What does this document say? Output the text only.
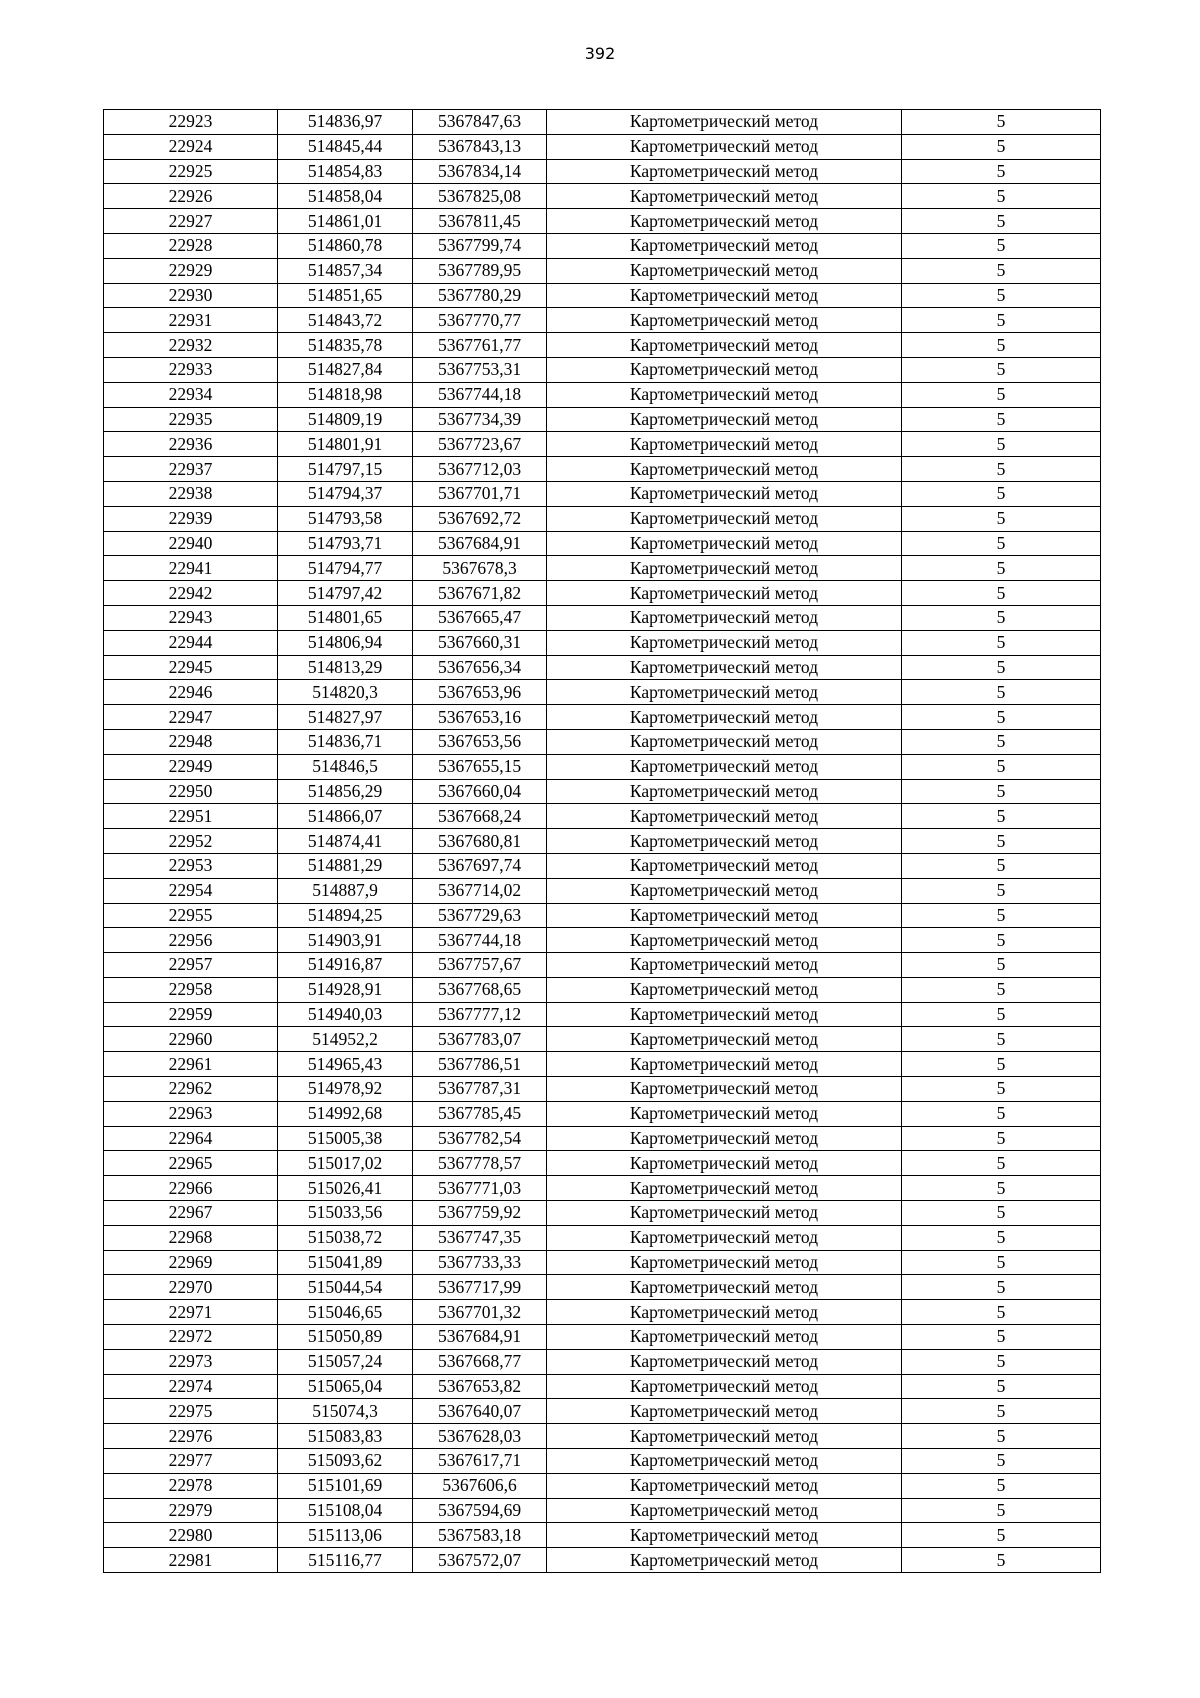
392
22923	514836,97	5367847,63	Картометрический метод	5
22924	514845,44	5367843,13	Картометрический метод	5
22925	514854,83	5367834,14	Картометрический метод	5
22926	514858,04	5367825,08	Картометрический метод	5
22927	514861,01	5367811,45	Картометрический метод	5
22928	514860,78	5367799,74	Картометрический метод	5
22929	514857,34	5367789,95	Картометрический метод	5
22930	514851,65	5367780,29	Картометрический метод	5
22931	514843,72	5367770,77	Картометрический метод	5
22932	514835,78	5367761,77	Картометрический метод	5
22933	514827,84	5367753,31	Картометрический метод	5
22934	514818,98	5367744,18	Картометрический метод	5
22935	514809,19	5367734,39	Картометрический метод	5
22936	514801,91	5367723,67	Картометрический метод	5
22937	514797,15	5367712,03	Картометрический метод	5
22938	514794,37	5367701,71	Картометрический метод	5
22939	514793,58	5367692,72	Картометрический метод	5
22940	514793,71	5367684,91	Картометрический метод	5
22941	514794,77	5367678,3	Картометрический метод	5
22942	514797,42	5367671,82	Картометрический метод	5
22943	514801,65	5367665,47	Картометрический метод	5
22944	514806,94	5367660,31	Картометрический метод	5
22945	514813,29	5367656,34	Картометрический метод	5
22946	514820,3	5367653,96	Картометрический метод	5
22947	514827,97	5367653,16	Картометрический метод	5
22948	514836,71	5367653,56	Картометрический метод	5
22949	514846,5	5367655,15	Картометрический метод	5
22950	514856,29	5367660,04	Картометрический метод	5
22951	514866,07	5367668,24	Картометрический метод	5
22952	514874,41	5367680,81	Картометрический метод	5
22953	514881,29	5367697,74	Картометрический метод	5
22954	514887,9	5367714,02	Картометрический метод	5
22955	514894,25	5367729,63	Картометрический метод	5
22956	514903,91	5367744,18	Картометрический метод	5
22957	514916,87	5367757,67	Картометрический метод	5
22958	514928,91	5367768,65	Картометрический метод	5
22959	514940,03	5367777,12	Картометрический метод	5
22960	514952,2	5367783,07	Картометрический метод	5
22961	514965,43	5367786,51	Картометрический метод	5
22962	514978,92	5367787,31	Картометрический метод	5
22963	514992,68	5367785,45	Картометрический метод	5
22964	515005,38	5367782,54	Картометрический метод	5
22965	515017,02	5367778,57	Картометрический метод	5
22966	515026,41	5367771,03	Картометрический метод	5
22967	515033,56	5367759,92	Картометрический метод	5
22968	515038,72	5367747,35	Картометрический метод	5
22969	515041,89	5367733,33	Картометрический метод	5
22970	515044,54	5367717,99	Картометрический метод	5
22971	515046,65	5367701,32	Картометрический метод	5
22972	515050,89	5367684,91	Картометрический метод	5
22973	515057,24	5367668,77	Картометрический метод	5
22974	515065,04	5367653,82	Картометрический метод	5
22975	515074,3	5367640,07	Картометрический метод	5
22976	515083,83	5367628,03	Картометрический метод	5
22977	515093,62	5367617,71	Картометрический метод	5
22978	515101,69	5367606,6	Картометрический метод	5
22979	515108,04	5367594,69	Картометрический метод	5
22980	515113,06	5367583,18	Картометрический метод	5
22981	515116,77	5367572,07	Картометрический метод	5
